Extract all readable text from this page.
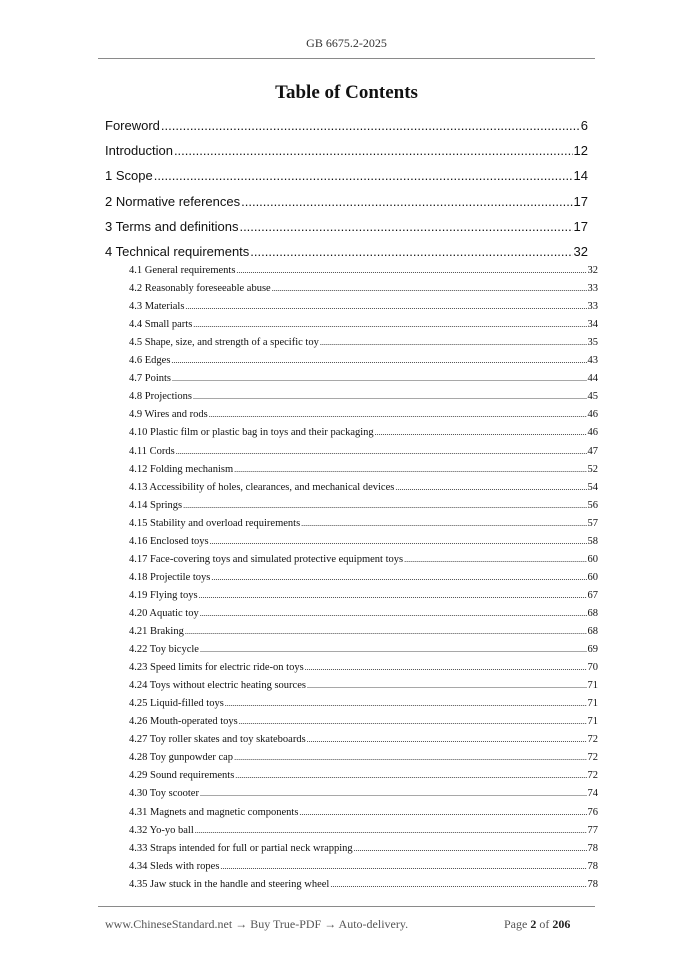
GB 6675.2-2025
Table of Contents
Foreword .....	6
Introduction .....	12
1 Scope .....	14
2 Normative references .....	17
3 Terms and definitions .....	17
4 Technical requirements .....	32
4.1 General requirements .....	32
4.2 Reasonably foreseeable abuse .....	33
4.3 Materials .....	33
4.4 Small parts .....	34
4.5 Shape, size, and strength of a specific toy .....	35
4.6 Edges .....	43
4.7 Points .....	44
4.8 Projections .....	45
4.9 Wires and rods .....	46
4.10 Plastic film or plastic bag in toys and their packaging .....	46
4.11 Cords .....	47
4.12 Folding mechanism .....	52
4.13 Accessibility of holes, clearances, and mechanical devices .....	54
4.14 Springs .....	56
4.15 Stability and overload requirements .....	57
4.16 Enclosed toys .....	58
4.17 Face-covering toys and simulated protective equipment toys .....	60
4.18 Projectile toys .....	60
4.19 Flying toys .....	67
4.20 Aquatic toy .....	68
4.21 Braking .....	68
4.22 Toy bicycle .....	69
4.23 Speed limits for electric ride-on toys .....	70
4.24 Toys without electric heating sources .....	71
4.25 Liquid-filled toys .....	71
4.26 Mouth-operated toys .....	71
4.27 Toy roller skates and toy skateboards .....	72
4.28 Toy gunpowder cap .....	72
4.29 Sound requirements .....	72
4.30 Toy scooter .....	74
4.31 Magnets and magnetic components .....	76
4.32 Yo-yo ball .....	77
4.33 Straps intended for full or partial neck wrapping .....	78
4.34 Sleds with ropes .....	78
4.35 Jaw stuck in the handle and steering wheel .....	78
www.ChineseStandard.net → Buy True-PDF → Auto-delivery.	Page 2 of 206
